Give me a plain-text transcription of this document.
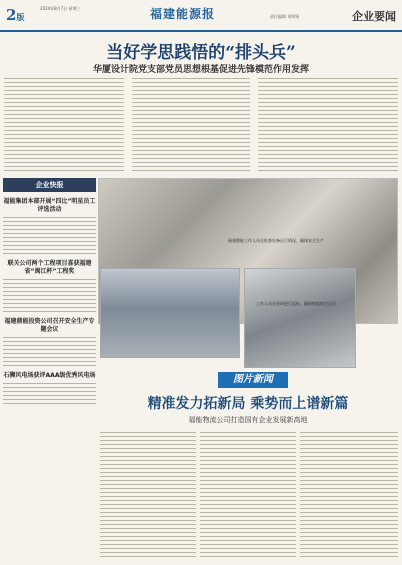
2版
2024年8月7日 星期三	福建能源报	责任编辑 刘明锋	企业要闻
当好学思践悟的“排头兵”
华厦设计院党支部党员思想根基促进先锋模范作用发挥
企业快报
福能集团本部开展“四比”明星员工评选活动
联关公司两个工程项目喜获福建省“闽江杯”工程奖
福建鼎能投资公司召开安全生产专题会议
石狮风电场获评AAA级优秀风电场
福建鼎能工作人员在检查设备运行情况，确保安全生产
工作人员在现场进行巡检，确保机组稳定运行
图片新闻
精准发力拓新局 乘势而上谱新篇
福能物流公司打造国有企业发展新高地
